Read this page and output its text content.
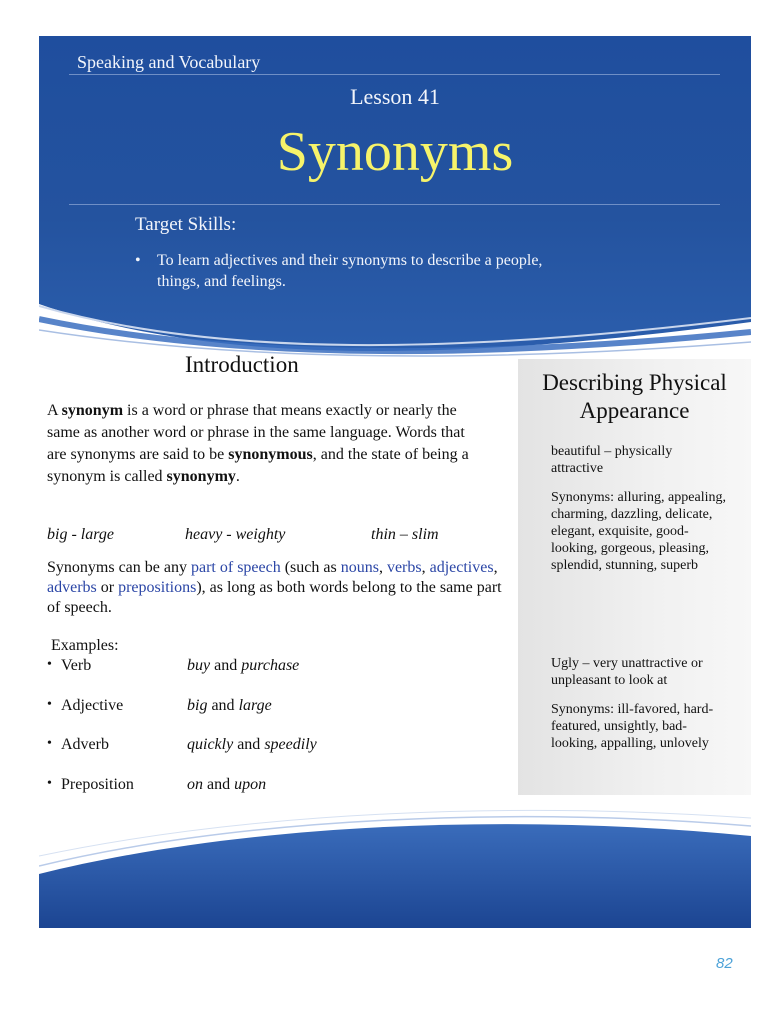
Speaking and Vocabulary
Lesson 41
Synonyms
Target Skills:
• To learn adjectives and their synonyms to describe a people, things, and feelings.
Introduction
A synonym is a word or phrase that means exactly or nearly the same as another word or phrase in the same language. Words that are synonyms are said to be synonymous, and the state of being a synonym is called synonymy.
big - large	heavy - weighty	thin – slim
Synonyms can be any part of speech (such as nouns, verbs, adjectives, adverbs or prepositions), as long as both words belong to the same part of speech.
Examples:
• Verb	buy and purchase
• Adjective	big and large
• Adverb	quickly and speedily
• Preposition	on and upon
Describing Physical Appearance
beautiful – physically attractive
Synonyms: alluring, appealing, charming, dazzling, delicate, elegant, exquisite, good-looking, gorgeous, pleasing, splendid, stunning, superb
Ugly – very unattractive or unpleasant to look at
Synonyms: ill-favored, hard-featured, unsightly, bad-looking, appalling, unlovely
82
